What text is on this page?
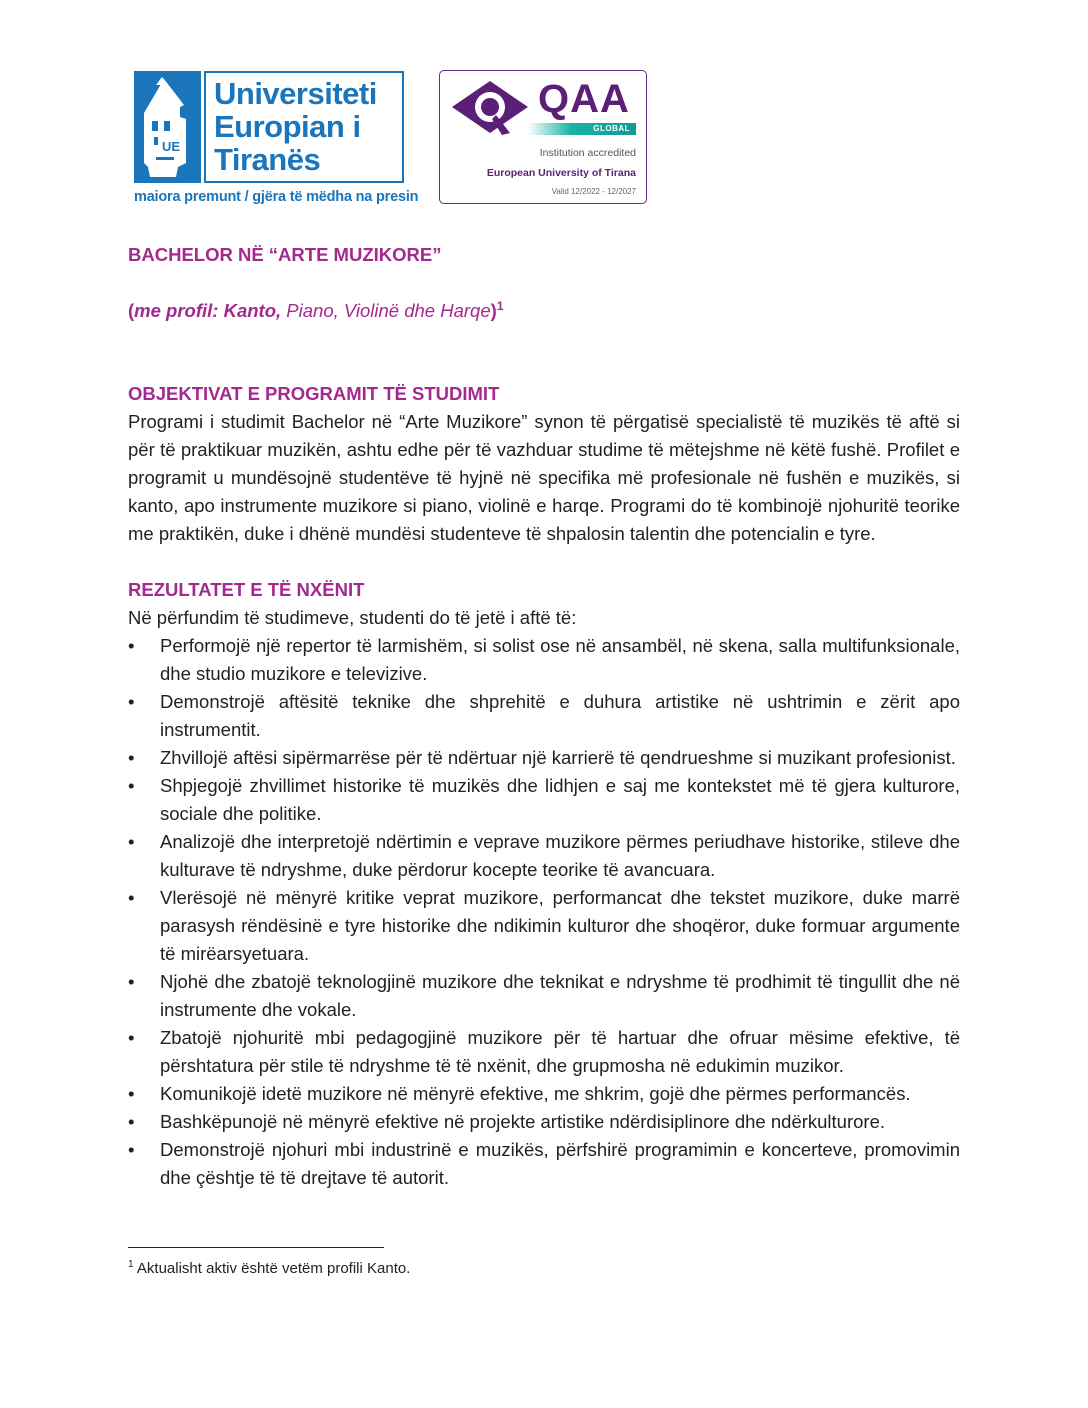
UE
Universiteti
Europian i
Tiranës
maiora premunt / gjëra të mëdha na presin
QAA
GLOBAL
Institution accredited
European University of Tirana
Valid 12/2022 - 12/2027
BACHELOR NË “ARTE MUZIKORE”

(me profil: Kanto, Piano, Violinë dhe Harqe)$^1$

OBJEKTIVAT E PROGRAMIT TË STUDIMIT

Programi i studimit Bachelor në “Arte Muzikore” synon të përgatisë specialistë të muzikës të aftë si për të praktikuar muzikën, ashtu edhe për të vazhduar studime të mëtejshme në këtë fushë. Profilet e programit u mundësojnë studentëve të hyjnë në specifika më profesionale në fushën e muzikës, si kanto, apo instrumente muzikore si piano, violinë e harqe. Programi do të kombinojë njohuritë teorike me praktikën, duke i dhënë mundësi studenteve të shpalosin talentin dhe potencialin e tyre.

REZULTATET E TË NXËNIT

Në përfundim të studimeve, studenti do të jetë i aftë të:

• Performojë një repertor të larmishëm, si solist ose në ansambël, në skena, salla multifunksionale, dhe studio muzikore e televizive.
• Demonstrojë aftësitë teknike dhe shprehitë e duhura artistike në ushtrimin e zërit apo instrumentit.
• Zhvillojë aftësi sipërmarrëse për të ndërtuar një karrierë të qendrueshme si muzikant profesionist.
• Shpjegojë zhvillimet historike të muzikës dhe lidhjen e saj me kontekstet më të gjera kulturore, sociale dhe politike.
• Analizojë dhe interpretojë ndërtimin e veprave muzikore përmes periudhave historike, stileve dhe kulturave të ndryshme, duke përdorur kocepte teorike të avancuara.
• Vlerësojë në mënyrë kritike veprat muzikore, performancat dhe tekstet muzikore, duke marrë parasysh rëndësinë e tyre historike dhe ndikimin kulturor dhe shoqëror, duke formuar argumente të mirëarsyetuara.
• Njohë dhe zbatojë teknologjinë muzikore dhe teknikat e ndryshme të prodhimit të tingullit dhe në instrumente dhe vokale.
• Zbatojë njohuritë mbi pedagogjinë muzikore për të hartuar dhe ofruar mësime efektive, të përshtatura për stile të ndryshme të të nxënit, dhe grupmosha në edukimin muzikor.
• Komunikojë idetë muzikore në mënyrë efektive, me shkrim, gojë dhe përmes performancës.
• Bashkëpunojë në mënyrë efektive në projekte artistike ndërdisiplinore dhe ndërkulturore.
• Demonstrojë njohuri mbi industrinë e muzikës, përfshirë programimin e koncerteve, promovimin dhe çështje të të drejtave të autorit.
$^1$ Aktualisht aktiv është vetëm profili Kanto.
